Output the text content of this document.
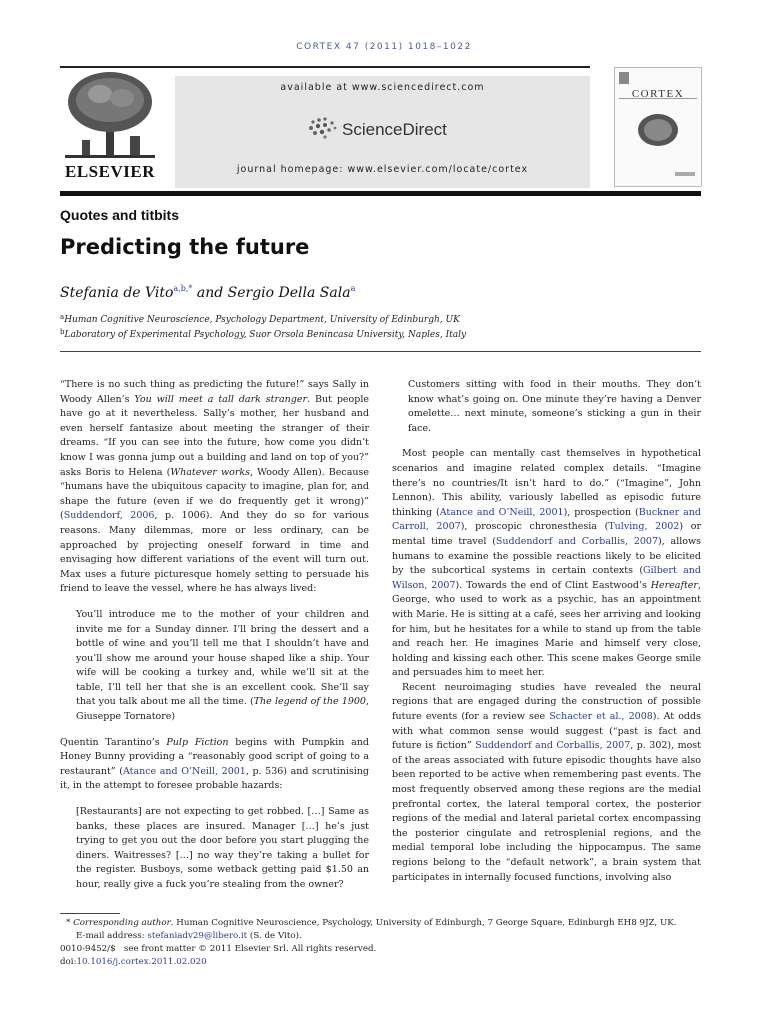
CORTEX 47 (2011) 1018–1022
ELSEVIER
available at www.sciencedirect.com
ScienceDirect
journal homepage: www.elsevier.com/locate/cortex
CORTEX
Quotes and titbits
Predicting the future
Stefania de Vito$^{a,b,*}$ and Sergio Della Sala$^a$
$^a$Human Cognitive Neuroscience, Psychology Department, University of Edinburgh, UK
$^b$Laboratory of Experimental Psychology, Suor Orsola Benincasa University, Naples, Italy

“There is no such thing as predicting the future!” says Sally in Woody Allen’s You will meet a tall dark stranger. But people have go at it nevertheless. Sally’s mother, her husband and even herself fantasize about meeting the stranger of their dreams. “If you can see into the future, how come you didn’t know I was gonna jump out a building and land on top of you?” asks Boris to Helena (Whatever works, Woody Allen). Because “humans have the ubiquitous capacity to imagine, plan for, and shape the future (even if we do frequently get it wrong)” (Suddendorf, 2006, p. 1006). And they do so for various reasons. Many dilemmas, more or less ordinary, can be approached by projecting oneself forward in time and envisaging how different variations of the event will turn out. Max uses a future picturesque homely setting to persuade his friend to leave the vessel, where he has always lived:

You’ll introduce me to the mother of your children and invite me for a Sunday dinner. I’ll bring the dessert and a bottle of wine and you’ll tell me that I shouldn’t have and you’ll show me around your house shaped like a ship. Your wife will be cooking a turkey and, while we’ll sit at the table, I’ll tell her that she is an excellent cook. She’ll say that you talk about me all the time. (The legend of the 1900, Giuseppe Tornatore)

Quentin Tarantino’s Pulp Fiction begins with Pumpkin and Honey Bunny providing a “reasonably good script of going to a restaurant” (Atance and O’Neill, 2001, p. 536) and scrutinising it, in the attempt to foresee probable hazards:

[Restaurants] are not expecting to get robbed. […] Same as banks, these places are insured. Manager […] he’s just trying to get you out the door before you start plugging the diners. Waitresses? […] no way they’re taking a bullet for the register. Busboys, some wetback getting paid $1.50 an hour, really give a fuck you’re stealing from the owner?

Customers sitting with food in their mouths. They don’t know what’s going on. One minute they’re having a Denver omelette… next minute, someone’s sticking a gun in their face.

Most people can mentally cast themselves in hypothetical scenarios and imagine related complex details. “Imagine there’s no countries/It isn’t hard to do.” (“Imagine”, John Lennon). This ability, variously labelled as episodic future thinking (Atance and O’Neill, 2001), prospection (Buckner and Carroll, 2007), proscopic chronesthesia (Tulving, 2002) or mental time travel (Suddendorf and Corballis, 2007), allows humans to examine the possible reactions likely to be elicited by the subcortical systems in certain contexts (Gilbert and Wilson, 2007). Towards the end of Clint Eastwood’s Hereafter, George, who used to work as a psychic, has an appointment with Marie. He is sitting at a café, sees her arriving and looking for him, but he hesitates for a while to stand up from the table and reach her. He imagines Marie and himself very close, holding and kissing each other. This scene makes George smile and persuades him to meet her.

Recent neuroimaging studies have revealed the neural regions that are engaged during the construction of possible future events (for a review see Schacter et al., 2008). At odds with what common sense would suggest (“past is fact and future is fiction” Suddendorf and Corballis, 2007, p. 302), most of the areas associated with future episodic thoughts have also been reported to be active when remembering past events. The most frequently observed among these regions are the medial prefrontal cortex, the lateral temporal cortex, the posterior regions of the medial and lateral parietal cortex encompassing the posterior cingulate and retrosplenial regions, and the medial temporal lobe including the hippocampus. The same regions belong to the “default network”, a brain system that participates in internally focused functions, involving also

* Corresponding author. Human Cognitive Neuroscience, Psychology, University of Edinburgh, 7 George Square, Edinburgh EH8 9JZ, UK.
E-mail address: stefaniadv29@libero.it (S. de Vito).
0010-9452/$   see front matter © 2011 Elsevier Srl. All rights reserved.
doi:10.1016/j.cortex.2011.02.020
